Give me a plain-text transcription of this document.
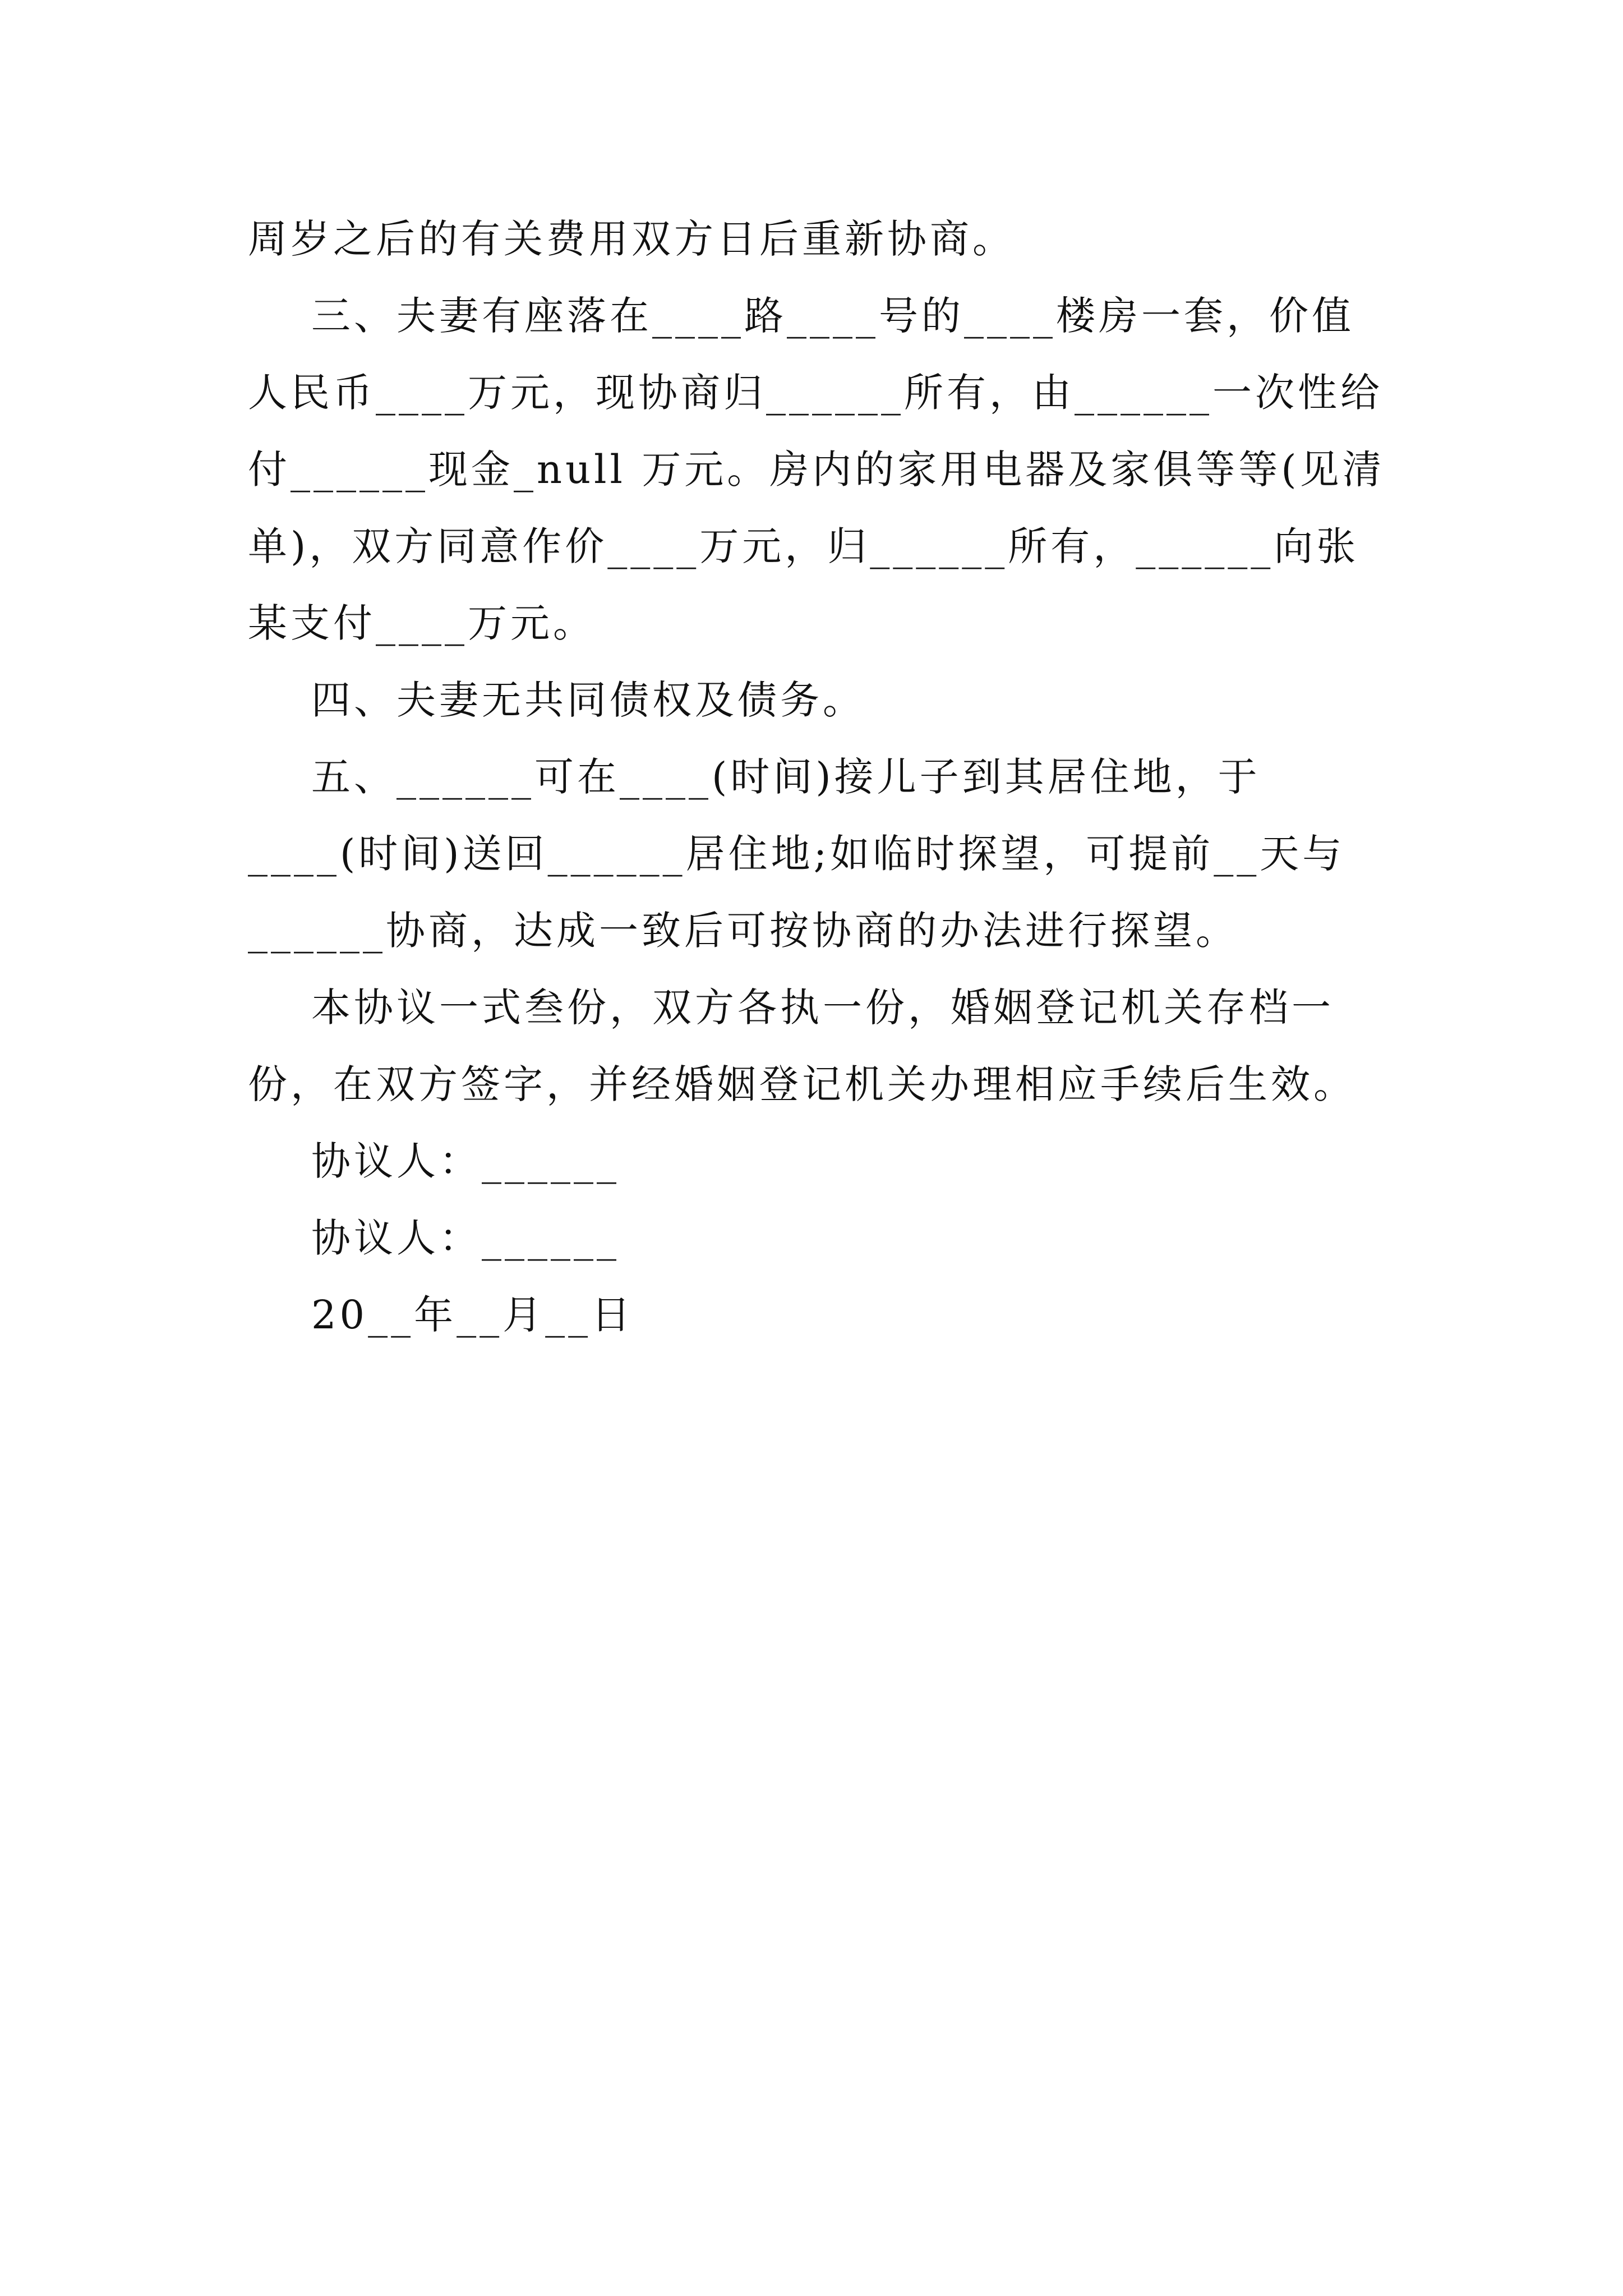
周岁之后的有关费用双方日后重新协商。
三、夫妻有座落在____路____号的____楼房一套，价值
人民币____万元，现协商归______所有，由______一次性给
付______现金_null 万元。房内的家用电器及家俱等等(见清
单)，双方同意作价____万元，归______所有，______向张
某支付____万元。
四、夫妻无共同债权及债务。
五、______可在____(时间)接儿子到其居住地，于
____(时间)送回______居住地;如临时探望，可提前__天与
______协商，达成一致后可按协商的办法进行探望。
本协议一式叁份，双方各执一份，婚姻登记机关存档一
份，在双方签字，并经婚姻登记机关办理相应手续后生效。
协议人：______
协议人：______
20__年__月__日
